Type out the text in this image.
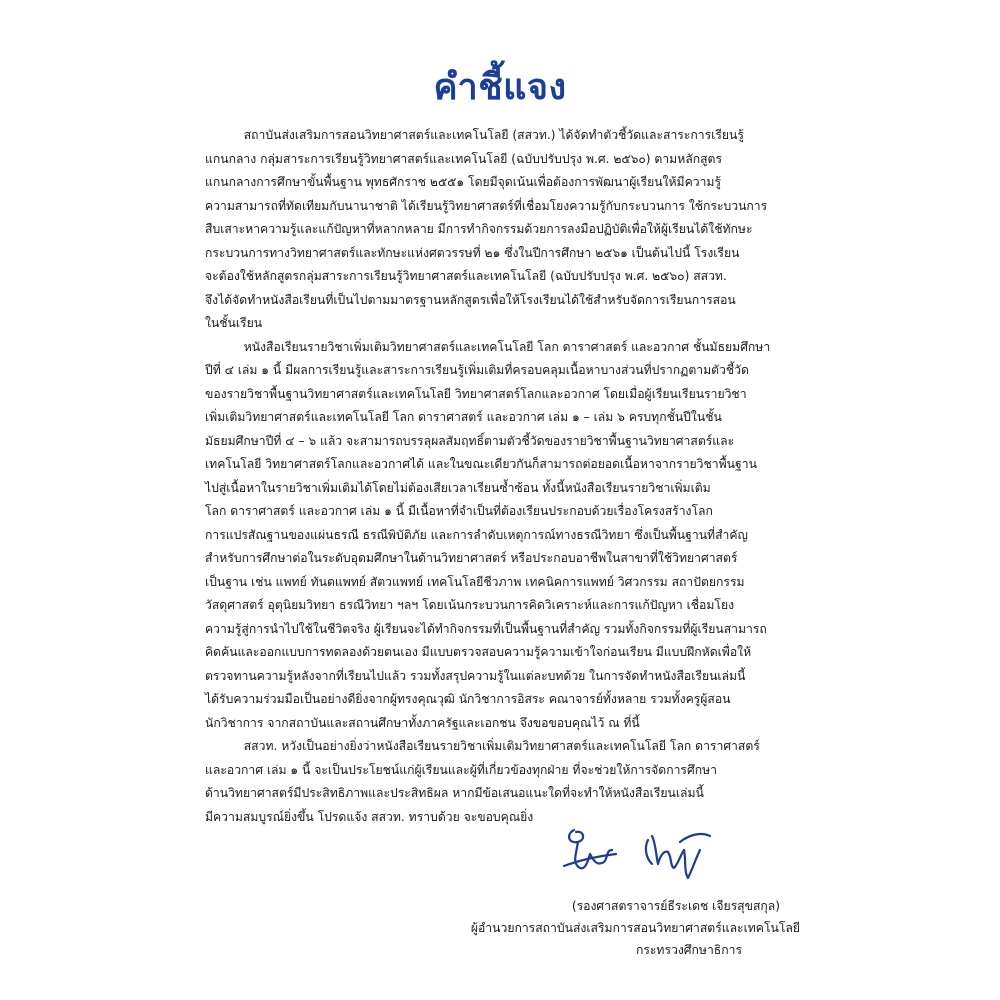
คำชี้แจง
สถาบันส่งเสริมการสอนวิทยาศาสตร์และเทคโนโลยี (สสวท.) ได้จัดทำตัวชี้วัดและสาระการเรียนรู้
แกนกลาง กลุ่มสาระการเรียนรู้วิทยาศาสตร์และเทคโนโลยี (ฉบับปรับปรุง พ.ศ. ๒๕๖๐) ตามหลักสูตร
แกนกลางการศึกษาขั้นพื้นฐาน พุทธศักราช ๒๕๕๑ โดยมีจุดเน้นเพื่อต้องการพัฒนาผู้เรียนให้มีความรู้
ความสามารถที่ทัดเทียมกับนานาชาติ ได้เรียนรู้วิทยาศาสตร์ที่เชื่อมโยงความรู้กับกระบวนการ ใช้กระบวนการ
สืบเสาะหาความรู้และแก้ปัญหาที่หลากหลาย มีการทำกิจกรรมด้วยการลงมือปฏิบัติเพื่อให้ผู้เรียนได้ใช้ทักษะ
กระบวนการทางวิทยาศาสตร์และทักษะแห่งศตวรรษที่ ๒๑ ซึ่งในปีการศึกษา ๒๕๖๑ เป็นต้นไปนี้ โรงเรียน
จะต้องใช้หลักสูตรกลุ่มสาระการเรียนรู้วิทยาศาสตร์และเทคโนโลยี (ฉบับปรับปรุง พ.ศ. ๒๕๖๐) สสวท.
จึงได้จัดทำหนังสือเรียนที่เป็นไปตามมาตรฐานหลักสูตรเพื่อให้โรงเรียนได้ใช้สำหรับจัดการเรียนการสอน
ในชั้นเรียน
หนังสือเรียนรายวิชาเพิ่มเติมวิทยาศาสตร์และเทคโนโลยี โลก ดาราศาสตร์ และอวกาศ ชั้นมัธยมศึกษา
ปีที่ ๔ เล่ม ๑ นี้ มีผลการเรียนรู้และสาระการเรียนรู้เพิ่มเติมที่ครอบคลุมเนื้อหาบางส่วนที่ปรากฏตามตัวชี้วัด
ของรายวิชาพื้นฐานวิทยาศาสตร์และเทคโนโลยี วิทยาศาสตร์โลกและอวกาศ โดยเมื่อผู้เรียนเรียนรายวิชา
เพิ่มเติมวิทยาศาสตร์และเทคโนโลยี โลก ดาราศาสตร์ และอวกาศ เล่ม ๑ – เล่ม ๖ ครบทุกชั้นปีในชั้น
มัธยมศึกษาปีที่ ๔ – ๖ แล้ว จะสามารถบรรลุผลสัมฤทธิ์ตามตัวชี้วัดของรายวิชาพื้นฐานวิทยาศาสตร์และ
เทคโนโลยี วิทยาศาสตร์โลกและอวกาศได้ และในขณะเดียวกันก็สามารถต่อยอดเนื้อหาจากรายวิชาพื้นฐาน
ไปสู่เนื้อหาในรายวิชาเพิ่มเติมได้โดยไม่ต้องเสียเวลาเรียนซ้ำซ้อน ทั้งนี้หนังสือเรียนรายวิชาเพิ่มเติม
โลก ดาราศาสตร์ และอวกาศ เล่ม ๑ นี้ มีเนื้อหาที่จำเป็นที่ต้องเรียนประกอบด้วยเรื่องโครงสร้างโลก
การแปรสัณฐานของแผ่นธรณี ธรณีพิบัติภัย และการลำดับเหตุการณ์ทางธรณีวิทยา ซึ่งเป็นพื้นฐานที่สำคัญ
สำหรับการศึกษาต่อในระดับอุดมศึกษาในด้านวิทยาศาสตร์ หรือประกอบอาชีพในสาขาที่ใช้วิทยาศาสตร์
เป็นฐาน เช่น แพทย์ ทันตแพทย์ สัตวแพทย์ เทคโนโลยีชีวภาพ เทคนิคการแพทย์ วิศวกรรม สถาปัตยกรรม
วัสดุศาสตร์ อุตุนิยมวิทยา ธรณีวิทยา ฯลฯ โดยเน้นกระบวนการคิดวิเคราะห์และการแก้ปัญหา เชื่อมโยง
ความรู้สู่การนำไปใช้ในชีวิตจริง ผู้เรียนจะได้ทำกิจกรรมที่เป็นพื้นฐานที่สำคัญ รวมทั้งกิจกรรมที่ผู้เรียนสามารถ
คิดค้นและออกแบบการทดลองด้วยตนเอง มีแบบตรวจสอบความรู้ความเข้าใจก่อนเรียน มีแบบฝึกหัดเพื่อให้
ตรวจทานความรู้หลังจากที่เรียนไปแล้ว รวมทั้งสรุปความรู้ในแต่ละบทด้วย ในการจัดทำหนังสือเรียนเล่มนี้
ได้รับความร่วมมือเป็นอย่างดียิ่งจากผู้ทรงคุณวุฒิ นักวิชาการอิสระ คณาจารย์ทั้งหลาย รวมทั้งครูผู้สอน
นักวิชาการ จากสถาบันและสถานศึกษาทั้งภาครัฐและเอกชน จึงขอขอบคุณไว้ ณ ที่นี้
สสวท. หวังเป็นอย่างยิ่งว่าหนังสือเรียนรายวิชาเพิ่มเติมวิทยาศาสตร์และเทคโนโลยี โลก ดาราศาสตร์
และอวกาศ เล่ม ๑ นี้ จะเป็นประโยชน์แก่ผู้เรียนและผู้ที่เกี่ยวข้องทุกฝ่าย ที่จะช่วยให้การจัดการศึกษา
ด้านวิทยาศาสตร์มีประสิทธิภาพและประสิทธิผล หากมีข้อเสนอแนะใดที่จะทำให้หนังสือเรียนเล่มนี้
มีความสมบูรณ์ยิ่งขึ้น โปรดแจ้ง สสวท. ทราบด้วย จะขอบคุณยิ่ง
(รองศาสตราจารย์ธีระเดช เจียรสุขสกุล)
ผู้อำนวยการสถาบันส่งเสริมการสอนวิทยาศาสตร์และเทคโนโลยี
กระทรวงศึกษาธิการ
